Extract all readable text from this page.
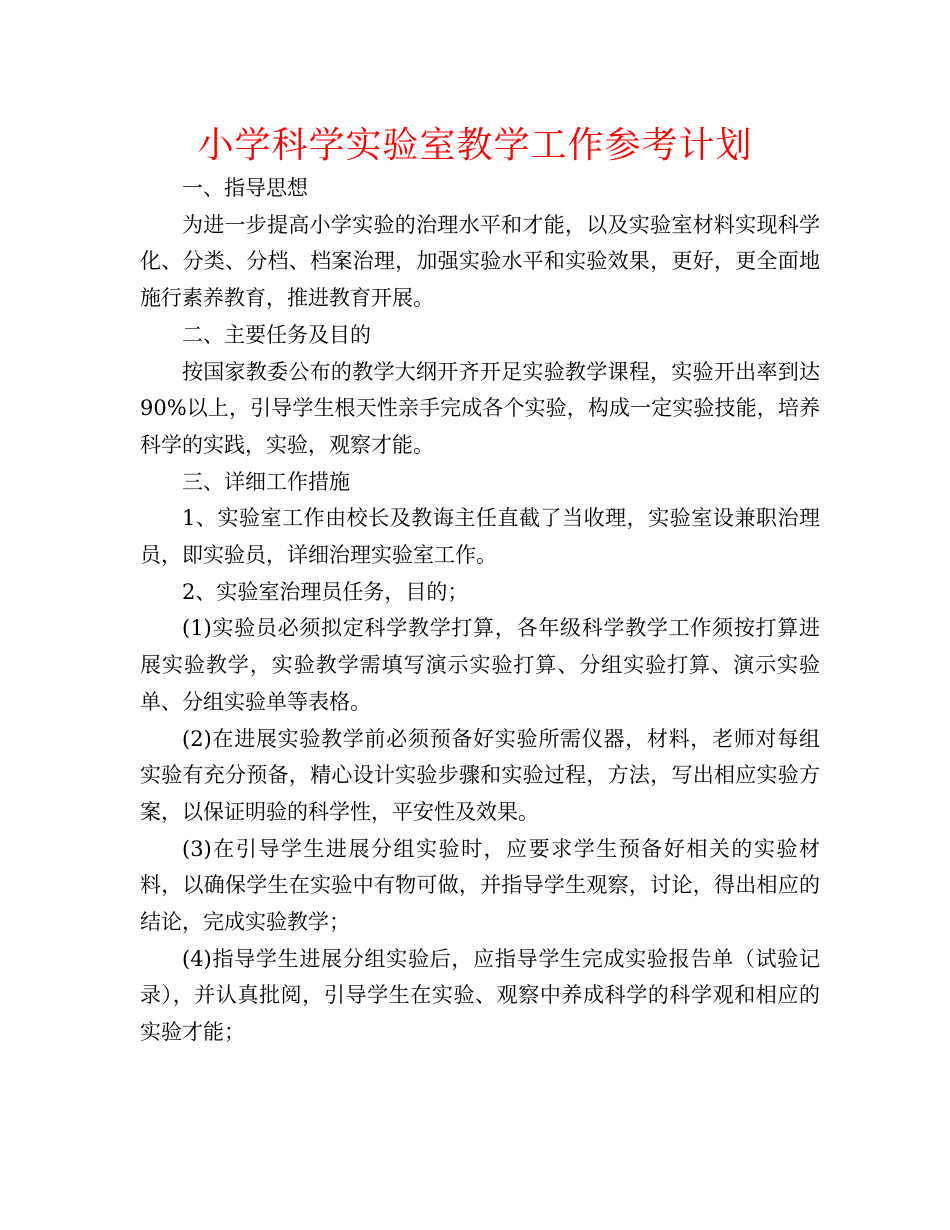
小学科学实验室教学工作参考计划

一、指导思想

为进一步提高小学实验的治理水平和才能，以及实验室材料实现科学化、分类、分档、档案治理，加强实验水平和实验效果，更好，更全面地施行素养教育，推进教育开展。

二、主要任务及目的

按国家教委公布的教学大纲开齐开足实验教学课程，实验开出率到达90%以上，引导学生根天性亲手完成各个实验，构成一定实验技能，培养科学的实践，实验，观察才能。

三、详细工作措施

1、实验室工作由校长及教诲主任直截了当收理，实验室设兼职治理员，即实验员，详细治理实验室工作。

2、实验室治理员任务，目的；

(1)实验员必须拟定科学教学打算，各年级科学教学工作须按打算进展实验教学，实验教学需填写演示实验打算、分组实验打算、演示实验单、分组实验单等表格。

(2)在进展实验教学前必须预备好实验所需仪器，材料，老师对每组实验有充分预备，精心设计实验步骤和实验过程，方法，写出相应实验方案，以保证明验的科学性，平安性及效果。

(3)在引导学生进展分组实验时，应要求学生预备好相关的实验材料，以确保学生在实验中有物可做，并指导学生观察，讨论，得出相应的结论，完成实验教学；

(4)指导学生进展分组实验后，应指导学生完成实验报告单（试验记录），并认真批阅，引导学生在实验、观察中养成科学的科学观和相应的实验才能；
